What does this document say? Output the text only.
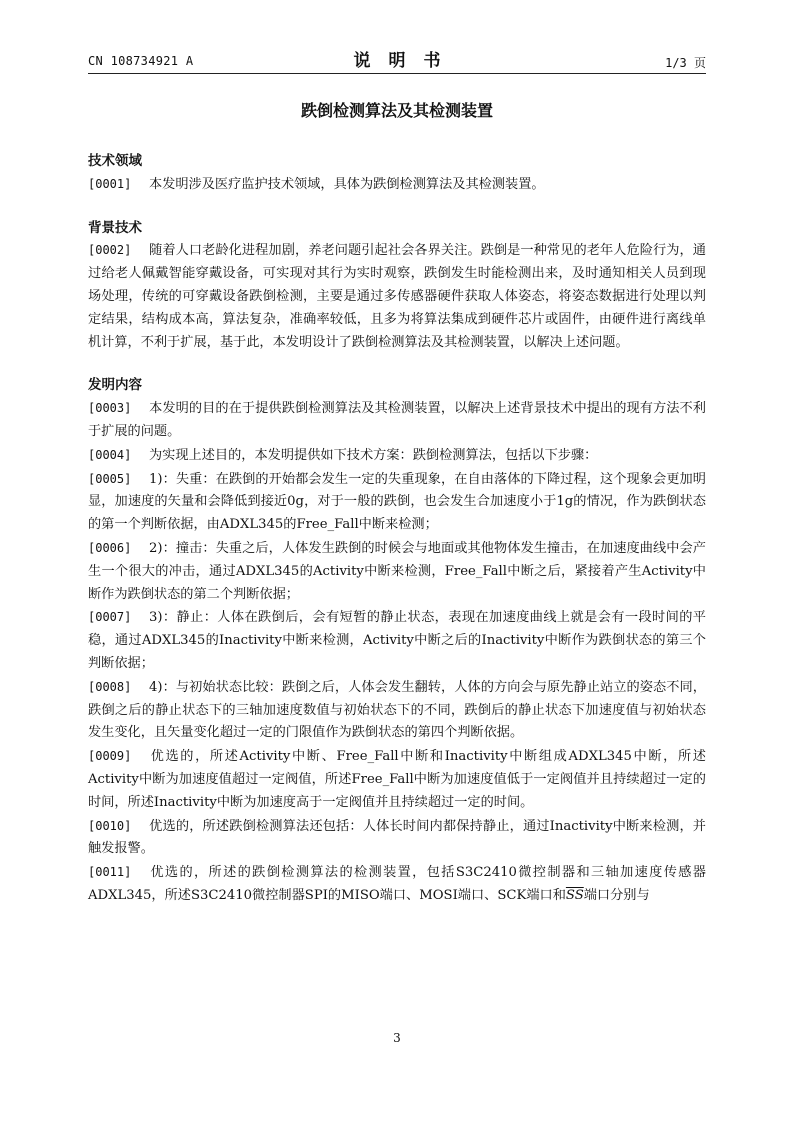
CN 108734921 A	说明书	1/3 页
跌倒检测算法及其检测装置

技术领域

[0001] 本发明涉及医疗监护技术领域，具体为跌倒检测算法及其检测装置。

背景技术

[0002] 随着人口老龄化进程加剧，养老问题引起社会各界关注。跌倒是一种常见的老年人危险行为，通过给老人佩戴智能穿戴设备，可实现对其行为实时观察，跌倒发生时能检测出来，及时通知相关人员到现场处理，传统的可穿戴设备跌倒检测，主要是通过多传感器硬件获取人体姿态，将姿态数据进行处理以判定结果，结构成本高，算法复杂，准确率较低，且多为将算法集成到硬件芯片或固件，由硬件进行离线单机计算，不利于扩展，基于此，本发明设计了跌倒检测算法及其检测装置，以解决上述问题。

发明内容

[0003] 本发明的目的在于提供跌倒检测算法及其检测装置，以解决上述背景技术中提出的现有方法不利于扩展的问题。

[0004] 为实现上述目的，本发明提供如下技术方案：跌倒检测算法，包括以下步骤：

[0005] 1)：失重：在跌倒的开始都会发生一定的失重现象，在自由落体的下降过程，这个现象会更加明显，加速度的矢量和会降低到接近0g，对于一般的跌倒，也会发生合加速度小于1g的情况，作为跌倒状态的第一个判断依据，由ADXL345的Free_Fall中断来检测；

[0006] 2)：撞击：失重之后，人体发生跌倒的时候会与地面或其他物体发生撞击，在加速度曲线中会产生一个很大的冲击，通过ADXL345的Activity中断来检测，Free_Fall中断之后，紧接着产生Activity中断作为跌倒状态的第二个判断依据；

[0007] 3)：静止：人体在跌倒后，会有短暂的静止状态，表现在加速度曲线上就是会有一段时间的平稳，通过ADXL345的Inactivity中断来检测，Activity中断之后的Inactivity中断作为跌倒状态的第三个判断依据；

[0008] 4)：与初始状态比较：跌倒之后，人体会发生翻转，人体的方向会与原先静止站立的姿态不同，跌倒之后的静止状态下的三轴加速度数值与初始状态下的不同，跌倒后的静止状态下加速度值与初始状态发生变化，且矢量变化超过一定的门限值作为跌倒状态的第四个判断依据。

[0009] 优选的，所述Activity中断、Free_Fall中断和Inactivity中断组成ADXL345中断，所述Activity中断为加速度值超过一定阀值，所述Free_Fall中断为加速度值低于一定阀值并且持续超过一定的时间，所述Inactivity中断为加速度高于一定阀值并且持续超过一定的时间。

[0010] 优选的，所述跌倒检测算法还包括：人体长时间内都保持静止，通过Inactivity中断来检测，并触发报警。

[0011] 优选的，所述的跌倒检测算法的检测装置，包括S3C2410微控制器和三轴加速度传感器ADXL345，所述S3C2410微控制器SPI的MISO端口、MOSI端口、SCK端口和$\overline{SS}$端口分别与

3
